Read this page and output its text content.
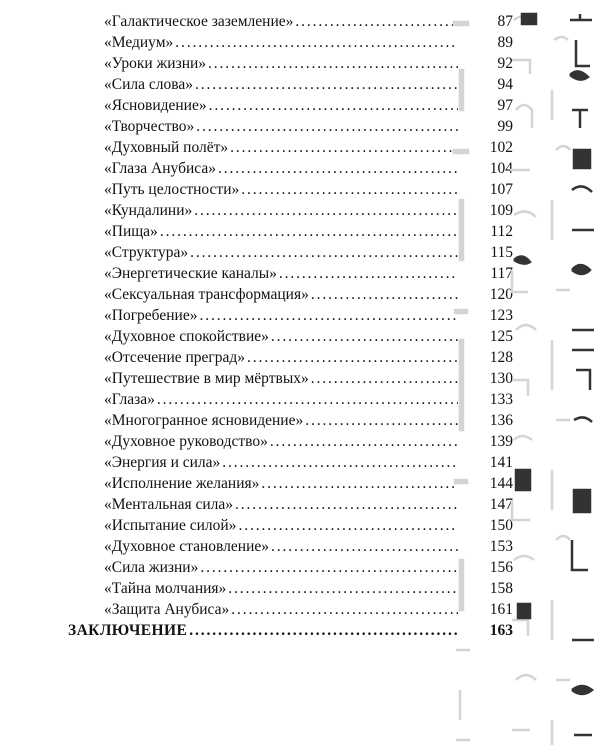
«Галактическое заземление» . . .	87
«Медиум» . . .	89
«Уроки жизни» . . .	92
«Сила слова» . . .	94
«Ясновидение» . . .	97
«Творчество» . . .	99
«Духовный полёт» . . .	102
«Глаза Анубиса» . . .	104
«Путь целостности» . . .	107
«Кундалини» . . .	109
«Пища» . . .	112
«Структура» . . .	115
«Энергетические каналы» . . .	117
«Сексуальная трансформация» . . .	120
«Погребение» . . .	123
«Духовное спокойствие» . . .	125
«Отсечение преград» . . .	128
«Путешествие в мир мёртвых» . . .	130
«Глаза» . . .	133
«Многогранное ясновидение» . . .	136
«Духовное руководство» . . .	139
«Энергия и сила» . . .	141
«Исполнение желания» . . .	144
«Ментальная сила» . . .	147
«Испытание силой» . . .	150
«Духовное становление» . . .	153
«Сила жизни» . . .	156
«Тайна молчания» . . .	158
«Защита Анубиса» . . .	161
ЗАКЛЮЧЕНИЕ . . .	163
